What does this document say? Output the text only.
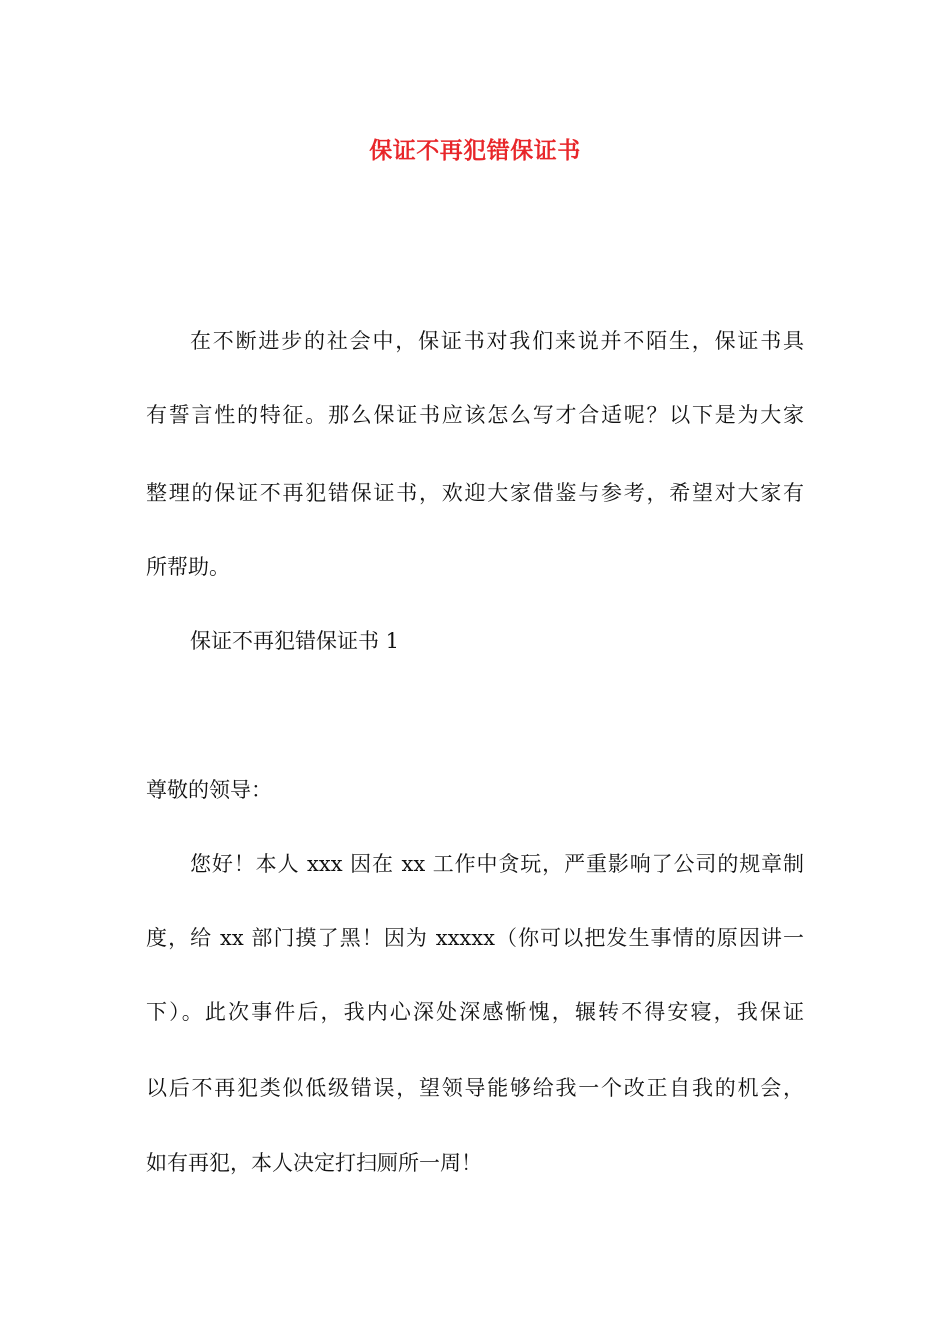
保证不再犯错保证书
在不断进步的社会中，保证书对我们来说并不陌生，保证书具
有誓言性的特征。那么保证书应该怎么写才合适呢？以下是为大家
整理的保证不再犯错保证书，欢迎大家借鉴与参考，希望对大家有
所帮助。
保证不再犯错保证书 1
尊敬的领导：
您好！本人 xxx 因在 xx 工作中贪玩，严重影响了公司的规章制
度，给 xx 部门摸了黑！因为 xxxxx（你可以把发生事情的原因讲一
下）。此次事件后，我内心深处深感惭愧，辗转不得安寝，我保证
以后不再犯类似低级错误，望领导能够给我一个改正自我的机会，
如有再犯，本人决定打扫厕所一周！
